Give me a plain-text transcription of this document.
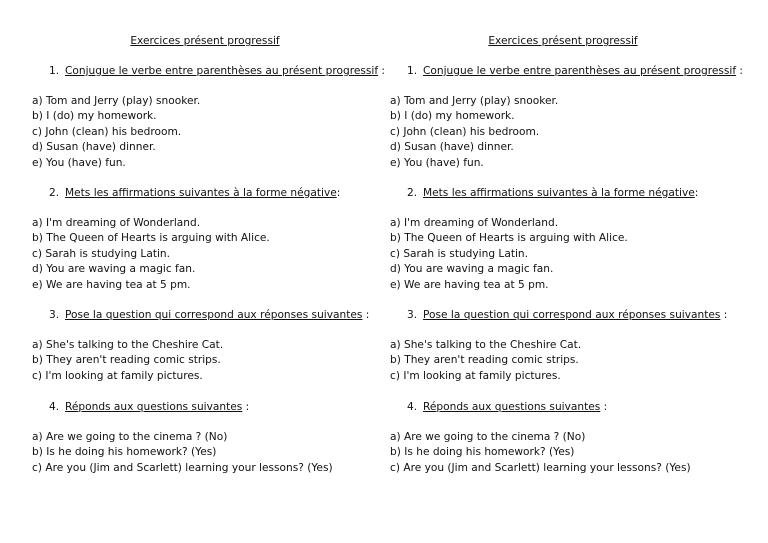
Exercices présent progressif
1. Conjugue le verbe entre parenthèses au présent progressif :
a) Tom and Jerry (play) snooker.
b) I (do) my homework.
c) John (clean) his bedroom.
d) Susan (have) dinner.
e) You (have) fun.
2. Mets les affirmations suivantes à la forme négative:
a) I'm dreaming of Wonderland.
b) The Queen of Hearts is arguing with Alice.
c) Sarah is studying Latin.
d) You are waving a magic fan.
e) We are having tea at 5 pm.
3. Pose la question qui correspond aux réponses suivantes :
a) She's talking to the Cheshire Cat.
b) They aren't reading comic strips.
c) I'm looking at family pictures.
4. Réponds aux questions suivantes :
a) Are we going to the cinema ? (No)
b) Is he doing his homework? (Yes)
c) Are you (Jim and Scarlett) learning your lessons? (Yes)
Exercices présent progressif
1. Conjugue le verbe entre parenthèses au présent progressif :
a) Tom and Jerry (play) snooker.
b) I (do) my homework.
c) John (clean) his bedroom.
d) Susan (have) dinner.
e) You (have) fun.
2. Mets les affirmations suivantes à la forme négative:
a) I'm dreaming of Wonderland.
b) The Queen of Hearts is arguing with Alice.
c) Sarah is studying Latin.
d) You are waving a magic fan.
e) We are having tea at 5 pm.
3. Pose la question qui correspond aux réponses suivantes :
a) She's talking to the Cheshire Cat.
b) They aren't reading comic strips.
c) I'm looking at family pictures.
4. Réponds aux questions suivantes :
a) Are we going to the cinema ? (No)
b) Is he doing his homework? (Yes)
c) Are you (Jim and Scarlett) learning your lessons? (Yes)
